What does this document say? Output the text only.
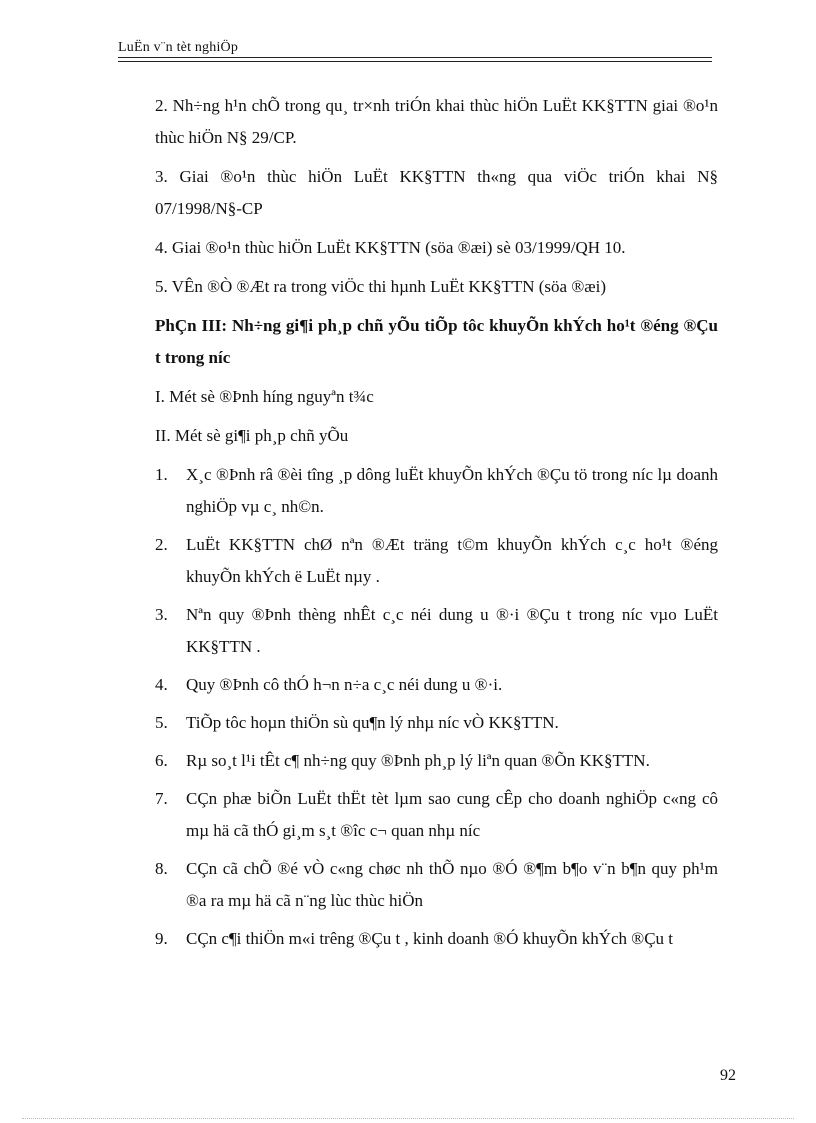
LuËn v¨n tèt nghiÖp

2. Nh÷ng h¹n chÕ trong qu¸ tr×nh triÓn khai thùc hiÖn LuËt KK§TTN giai ®o¹n thùc hiÖn N§ 29/CP.

3. Giai ®o¹n thùc hiÖn LuËt KK§TTN th«ng qua viÖc triÓn khai N§ 07/1998/N§-CP

4. Giai ®o¹n thùc hiÖn LuËt KK§TTN (söa ®æi) sè 03/1999/QH 10.

5. VÊn ®Ò ®Æt ra trong viÖc thi hµnh LuËt KK§TTN (söa ®æi)

PhÇn III: Nh÷ng gi¶i ph¸p chñ yÕu tiÕp tôc khuyÕn khÝch ho¹t ®éng ®Çu t trong níc

I. Mét sè ®Þnh híng nguyªn t¾c

II. Mét sè gi¶i ph¸p chñ yÕu

1. X¸c ®Þnh râ ®èi tîng ¸p dông luËt khuyÕn khÝch ®Çu tö trong níc lµ doanh nghiÖp vµ c¸ nh©n.
2. LuËt KK§TTN chØ nªn ®Æt träng t©m khuyÕn khÝch c¸c ho¹t ®éng khuyÕn khÝch ë LuËt nµy .
3. Nªn quy ®Þnh thèng nhÊt c¸c néi dung u ®·i ®Çu t trong níc vµo LuËt KK§TTN .
4. Quy ®Þnh cô thÓ h¬n n÷a c¸c néi dung u ®·i.
5. TiÕp tôc hoµn thiÖn sù qu¶n lý nhµ níc vÒ KK§TTN.
6. Rµ so¸t l¹i tÊt c¶ nh÷ng quy ®Þnh ph¸p lý liªn quan ®Õn KK§TTN.
7. CÇn phæ biÕn LuËt thËt tèt lµm sao cung cÊp cho doanh nghiÖp c«ng cô mµ hä cã thÓ gi¸m s¸t ®îc c¬ quan nhµ níc
8. CÇn cã chÕ ®é vÒ c«ng chøc nh thÕ nµo ®Ó ®¶m b¶o v¨n b¶n quy ph¹m ®a ra mµ hä cã n¨ng lùc thùc hiÖn
9. CÇn c¶i thiÖn m«i trêng ®Çu t , kinh doanh ®Ó khuyÕn khÝch ®Çu t
92
